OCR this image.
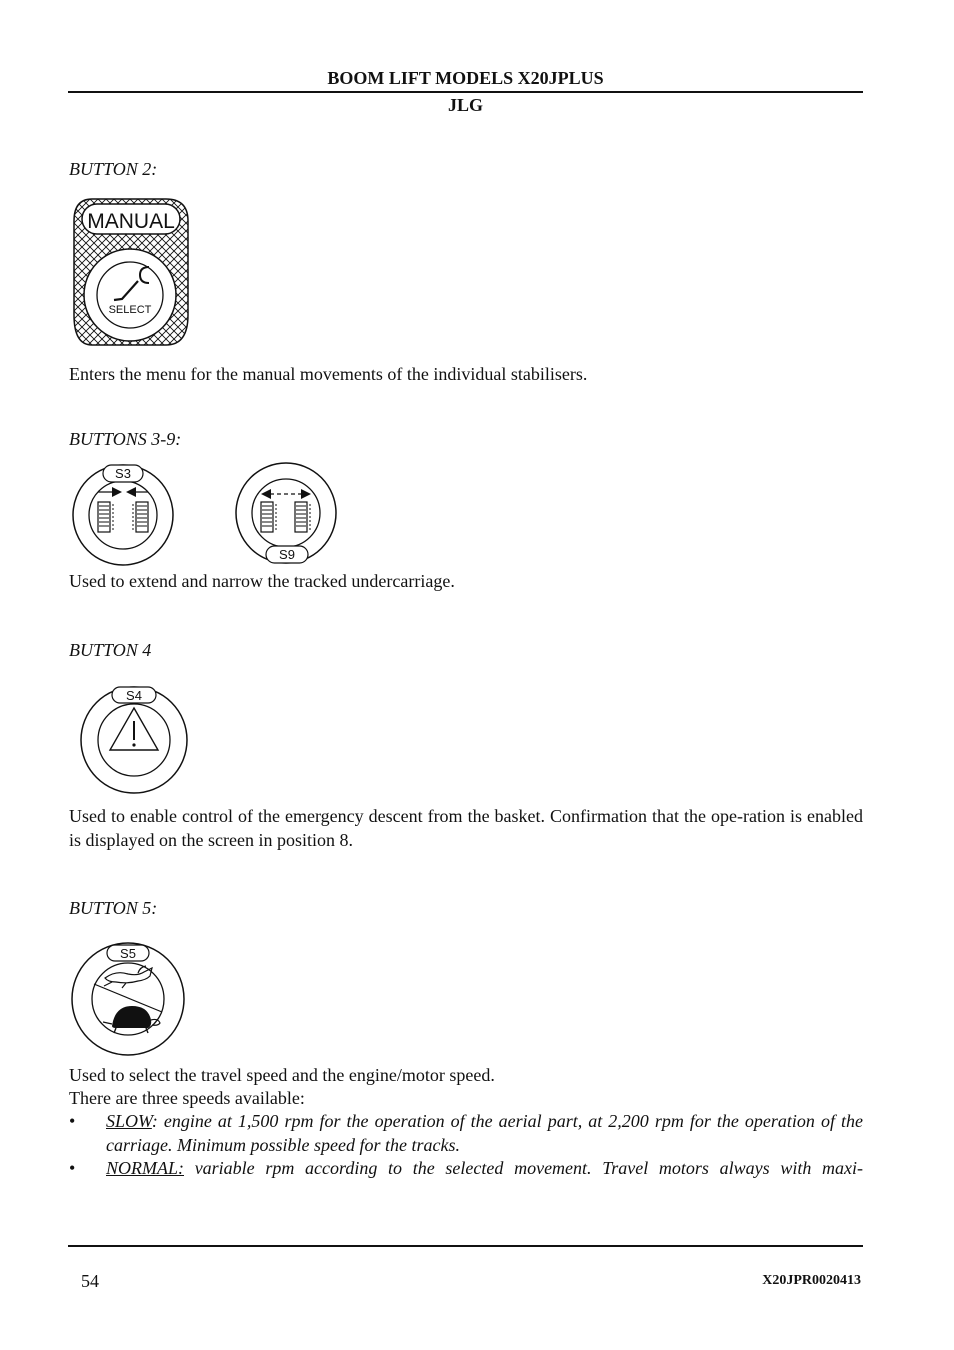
BOOM LIFT MODELS X20JPLUS
JLG
BUTTON 2:
MANUAL
SELECT
Enters the menu for the manual movements of the individual stabilisers.
BUTTONS 3-9:
S3
S9
Used to extend and narrow the tracked undercarriage.
BUTTON 4
S4
Used to enable control of the emergency descent from the basket. Confirmation that the ope-ration is enabled is displayed on the screen in position 8.
BUTTON 5:
S5
Used to select the travel speed and the engine/motor speed.
There are three speeds available:
• SLOW: engine at 1,500 rpm for the operation of the aerial part, at 2,200 rpm for the operation of the carriage. Minimum possible speed for the tracks.
• NORMAL: variable rpm according to the selected movement. Travel motors always with maxi-
54	X20JPR0020413
